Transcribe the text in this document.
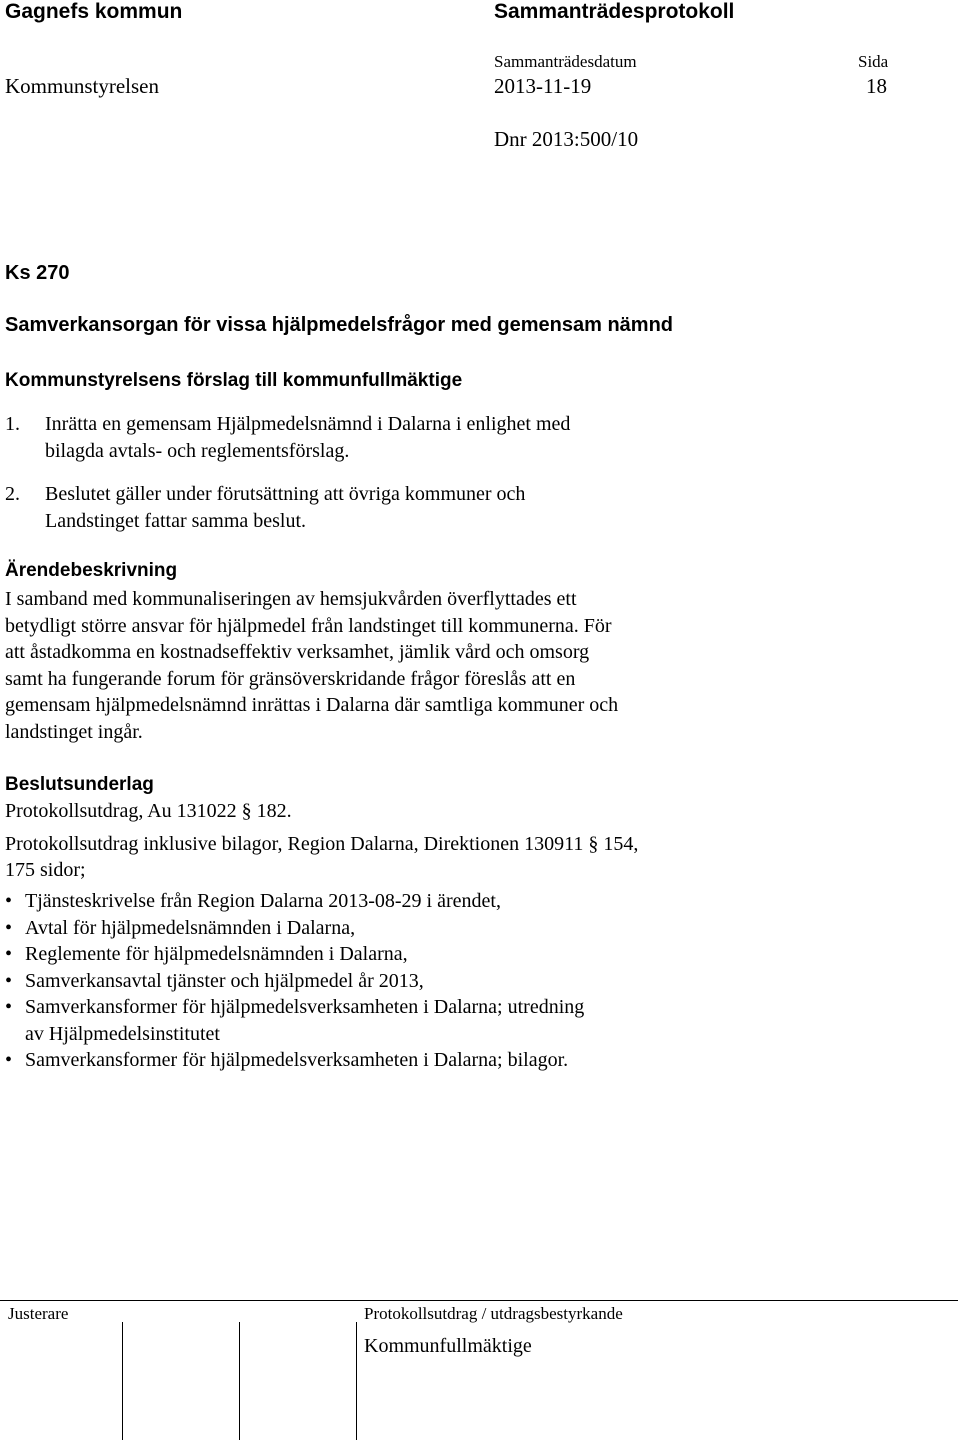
Gagnefs kommun	Sammanträdesprotokoll
Sammanträdesdatum	Sida
Kommunstyrelsen	2013-11-19	18
Dnr 2013:500/10
Ks 270
Samverkansorgan för vissa hjälpmedelsfrågor med gemensam nämnd
Kommunstyrelsens förslag till kommunfullmäktige
1. Inrätta en gemensam Hjälpmedelsnämnd i Dalarna i enlighet med
bilagda avtals- och reglementsförslag.
2. Beslutet gäller under förutsättning att övriga kommuner och
Landstinget fattar samma beslut.
Ärendebeskrivning
I samband med kommunaliseringen av hemsjukvården överflyttades ett
betydligt större ansvar för hjälpmedel från landstinget till kommunerna. För
att åstadkomma en kostnadseffektiv verksamhet, jämlik vård och omsorg
samt ha fungerande forum för gränsöverskridande frågor föreslås att en
gemensam hjälpmedelsnämnd inrättas i Dalarna där samtliga kommuner och
landstinget ingår.
Beslutsunderlag
Protokollsutdrag, Au 131022 § 182.
Protokollsutdrag inklusive bilagor, Region Dalarna, Direktionen 130911 § 154,
175 sidor;
• Tjänsteskrivelse från Region Dalarna 2013-08-29 i ärendet,
• Avtal för hjälpmedelsnämnden i Dalarna,
• Reglemente för hjälpmedelsnämnden i Dalarna,
• Samverkansavtal tjänster och hjälpmedel år 2013,
• Samverkansformer för hjälpmedelsverksamheten i Dalarna; utredning
av Hjälpmedelsinstitutet
• Samverkansformer för hjälpmedelsverksamheten i Dalarna; bilagor.
Justerare	Protokollsutdrag / utdragsbestyrkande
Kommunfullmäktige
